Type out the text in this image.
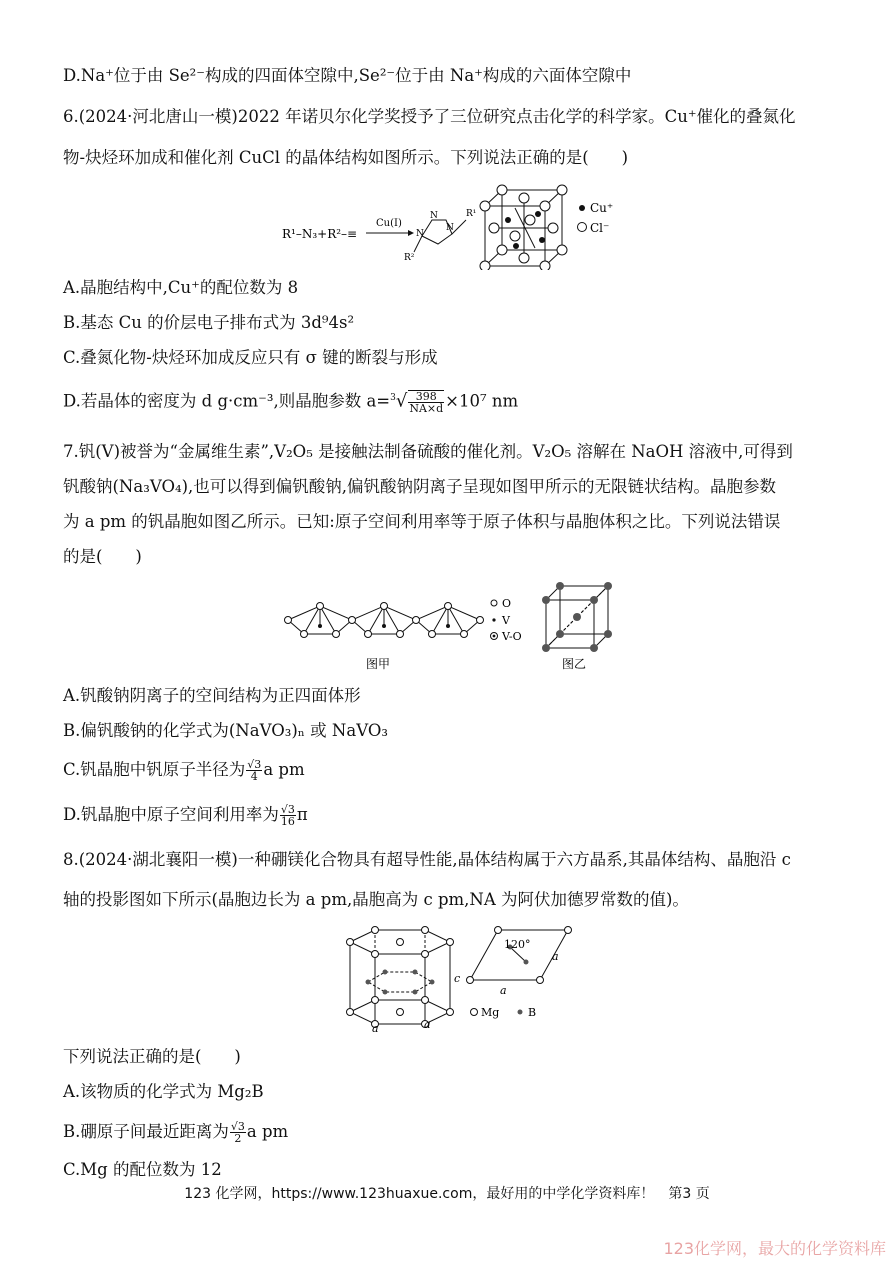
D.Na⁺位于由 Se²⁻构成的四面体空隙中,Se²⁻位于由 Na⁺构成的六面体空隙中
6.(2024·河北唐山一模)2022 年诺贝尔化学奖授予了三位研究点击化学的科学家。Cu⁺催化的叠氮化
物-炔烃环加成和催化剂 CuCl 的晶体结构如图所示。下列说法正确的是(　　)
R¹–N₃+R²–≡
Cu(I)
N
N
N
R¹
R²
Cu⁺
Cl⁻
A.晶胞结构中,Cu⁺的配位数为 8
B.基态 Cu 的价层电子排布式为 3d⁹4s²
C.叠氮化物-炔烃环加成反应只有 σ 键的断裂与形成
D.若晶体的密度为 d g·cm⁻³,则晶胞参数 $a=^3√ \frac{398}{NA\times d} \times 10^7$ nm
7.钒(V)被誉为“金属维生素”,V₂O₅ 是接触法制备硫酸的催化剂。V₂O₅ 溶解在 NaOH 溶液中,可得到
钒酸钠(Na₃VO₄),也可以得到偏钒酸钠,偏钒酸钠阴离子呈现如图甲所示的无限链状结构。晶胞参数
为 a pm 的钒晶胞如图乙所示。已知:原子空间利用率等于原子体积与晶胞体积之比。下列说法错误
的是(　　)
O
V
V-O
图甲	图乙
A.钒酸钠阴离子的空间结构为正四面体形
B.偏钒酸钠的化学式为(NaVO₃)ₙ 或 NaVO₃
C.钒晶胞中钒原子半径为 $\frac{√3}{4}$ a pm
D.钒晶胞中原子空间利用率为 $\frac{√3}{16}$ π
8.(2024·湖北襄阳一模)一种硼镁化合物具有超导性能,晶体结构属于六方晶系,其晶体结构、晶胞沿 c
轴的投影图如下所示(晶胞边长为 a pm,晶胞高为 c pm,NA 为阿伏加德罗常数的值)。
c
a	a
120°
a
a
Mg	B
下列说法正确的是(　　)
A.该物质的化学式为 Mg₂B
B.硼原子间最近距离为 $\frac{√3}{2}$ a pm
C.Mg 的配位数为 12
123 化学网，https://www.123huaxue.com，最好用的中学化学资料库！　第3 页
123化学网，最大的化学资料库
